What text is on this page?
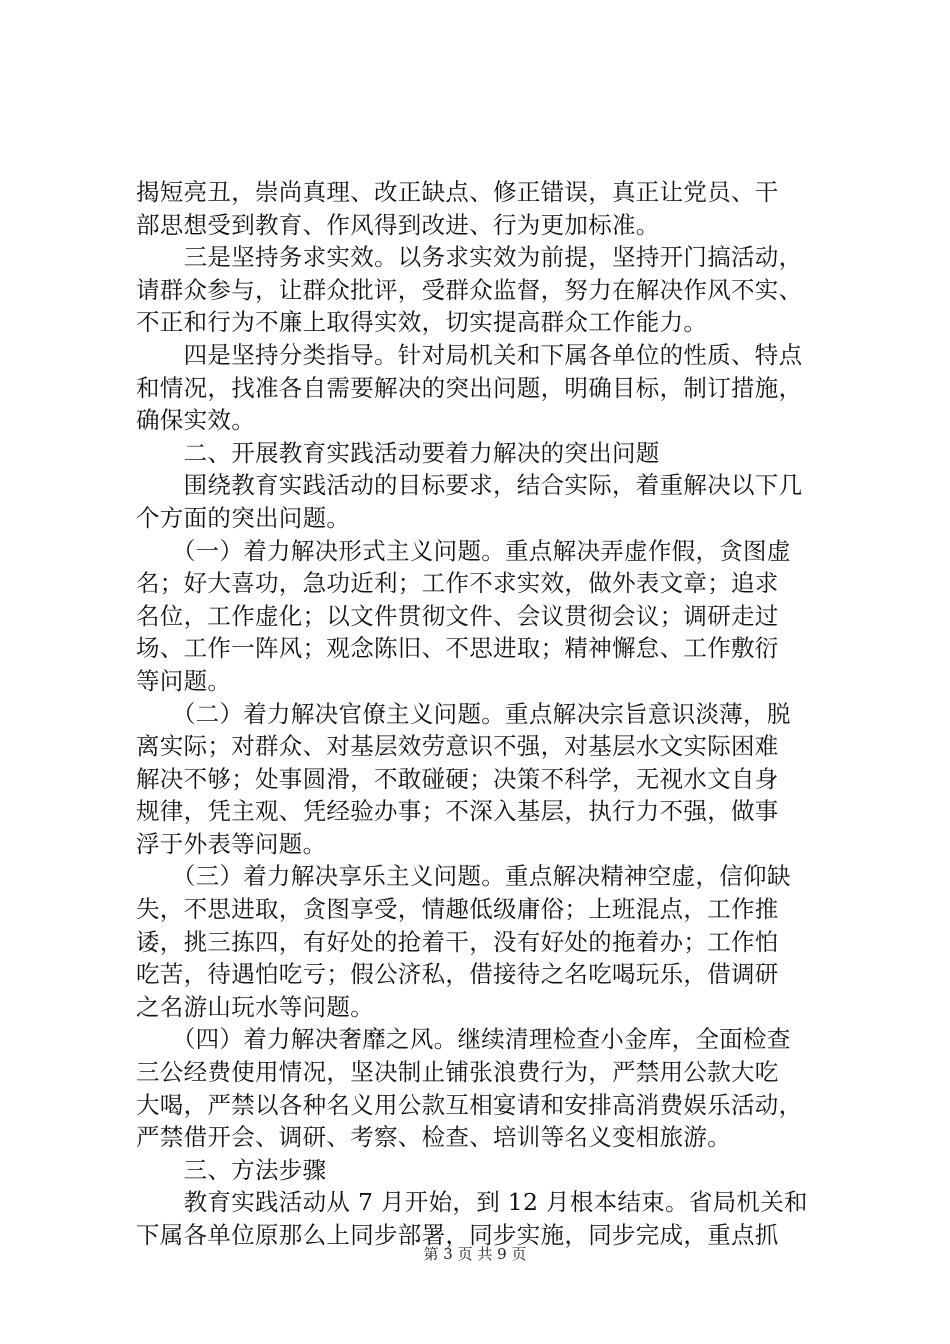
揭短亮丑，崇尚真理、改正缺点、修正错误，真正让党员、干
部思想受到教育、作风得到改进、行为更加标准。
　　三是坚持务求实效。以务求实效为前提，坚持开门搞活动，
请群众参与，让群众批评，受群众监督，努力在解决作风不实、
不正和行为不廉上取得实效，切实提高群众工作能力。
　　四是坚持分类指导。针对局机关和下属各单位的性质、特点
和情况，找准各自需要解决的突出问题，明确目标，制订措施，
确保实效。
　　二、开展教育实践活动要着力解决的突出问题
　　围绕教育实践活动的目标要求，结合实际，着重解决以下几
个方面的突出问题。
　　（一）着力解决形式主义问题。重点解决弄虚作假，贪图虚
名；好大喜功，急功近利；工作不求实效，做外表文章；追求
名位，工作虚化；以文件贯彻文件、会议贯彻会议；调研走过
场、工作一阵风；观念陈旧、不思进取；精神懈怠、工作敷衍
等问题。
　　（二）着力解决官僚主义问题。重点解决宗旨意识淡薄，脱
离实际；对群众、对基层效劳意识不强，对基层水文实际困难
解决不够；处事圆滑，不敢碰硬；决策不科学，无视水文自身
规律，凭主观、凭经验办事；不深入基层，执行力不强，做事
浮于外表等问题。
　　（三）着力解决享乐主义问题。重点解决精神空虚，信仰缺
失，不思进取，贪图享受，情趣低级庸俗；上班混点，工作推
诿，挑三拣四，有好处的抢着干，没有好处的拖着办；工作怕
吃苦，待遇怕吃亏；假公济私，借接待之名吃喝玩乐，借调研
之名游山玩水等问题。
　　（四）着力解决奢靡之风。继续清理检查小金库，全面检查
三公经费使用情况，坚决制止铺张浪费行为，严禁用公款大吃
大喝，严禁以各种名义用公款互相宴请和安排高消费娱乐活动，
严禁借开会、调研、考察、检查、培训等名义变相旅游。
　　三、方法步骤
　　教育实践活动从 7 月开始，到 12 月根本结束。省局机关和
下属各单位原那么上同步部署，同步实施，同步完成，重点抓
第 3 页 共 9 页
